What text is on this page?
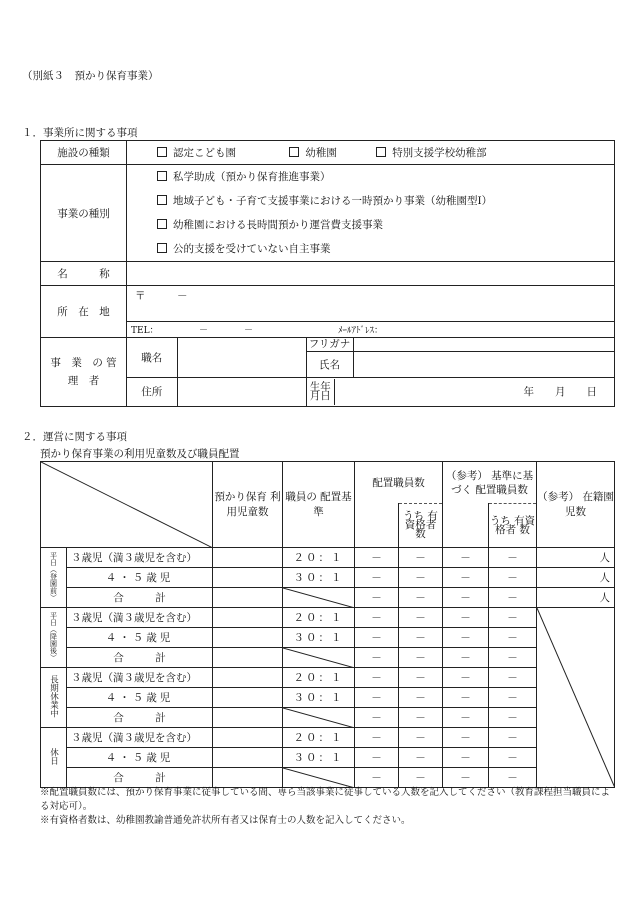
（別紙３　預かり保育事業）
１．事業所に関する事項
施設の種類	認定こども園	幼稚園	特別支援学校幼稚部
事業の種別	
私学助成（預かり保育推進事業）
地域子ども・子育て支援事業における一時預かり事業（幼稚園型Ⅰ）
幼稚園における長時間預かり運営費支援事業
公的支援を受けていない自主事業

名　　　称	
所　在　地	〒　　　－
TEL：　　　　　－　　　　－	ﾒｰﾙｱﾄﾞﾚｽ：
事　業　の 管　理　者	
職名		フリガナ	
氏名	
住所			生年 月日	年　　月　　日
２．運営に関する事項
預かり保育事業の利用児童数及び職員配置
	預かり保育 利用児童数	職員の 配置基準	配置職員数		（参考） 基準に基づく 配置職員数		（参考） 在籍園児数
					うち 有資格者 数		うち 有資格者 数	
平日（登園前）	３歳児（満３歳児を含む）		２０：１	－	－	－	－	人
	４・５歳児		３０：１	－	－	－	－	人
	合　　　計			－	－	－	－	人
平日（降園後）	３歳児（満３歳児を含む）		２０：１	－	－	－	－	

	４・５歳児		３０：１	－	－	－	－	
	合　　　計			－	－	－	－	
長期休業中	３歳児（満３歳児を含む）		２０：１	－	－	－	－	
	４・５歳児		３０：１	－	－	－	－	
	合　　　計			－	－	－	－	
休日	３歳児（満３歳児を含む）		２０：１	－	－	－	－	
	４・５歳児		３０：１	－	－	－	－	
	合　　　計			－	－	－	－	
※配置職員数には、預かり保育事業に従事している間、専ら当該事業に従事している人数を記入してください（教育課程担当職員による対応可）。
※有資格者数は、幼稚園教諭普通免許状所有者又は保育士の人数を記入してください。
